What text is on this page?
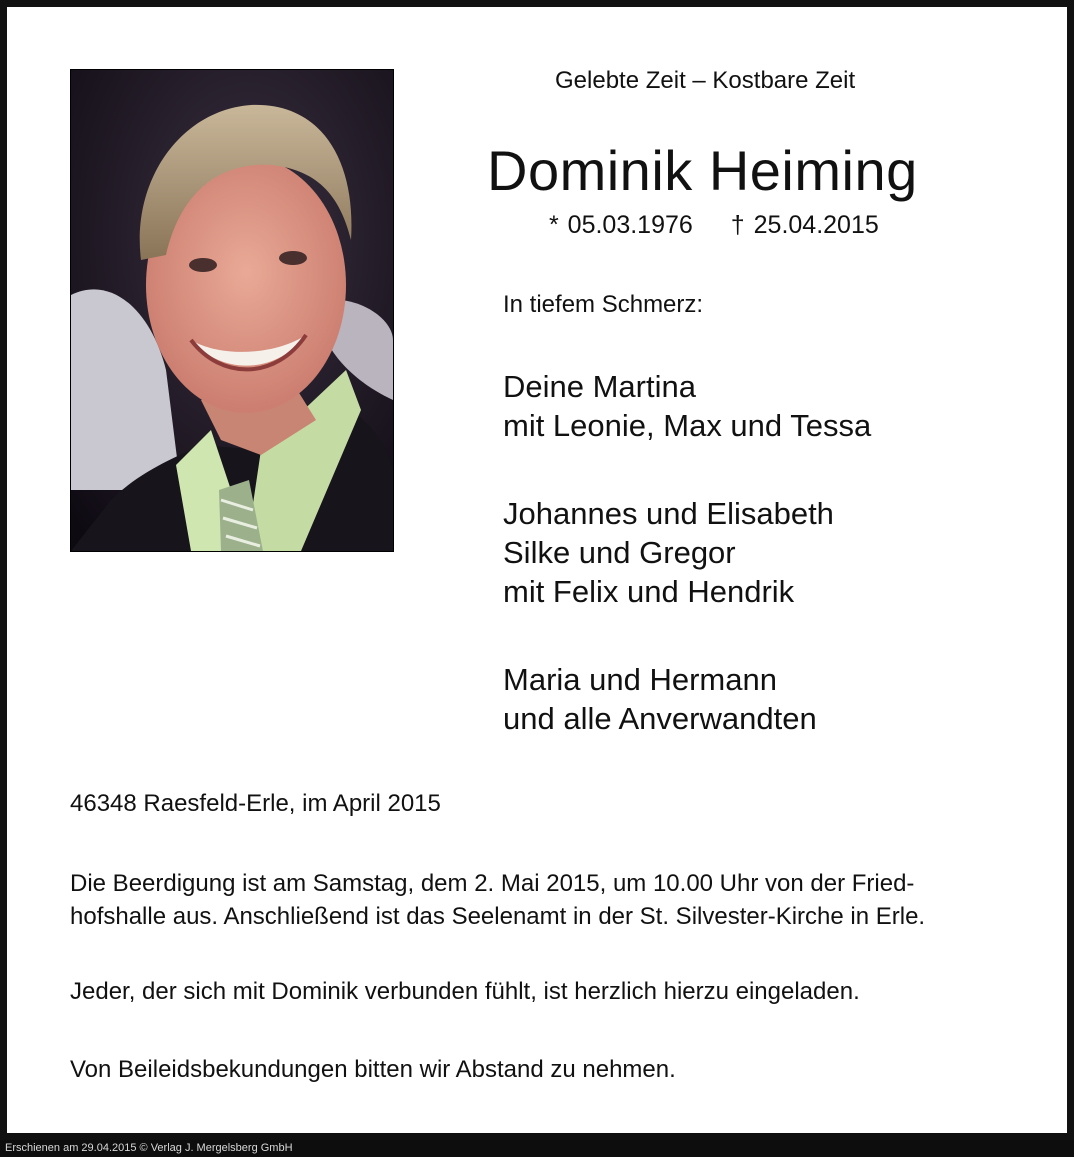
Gelebte Zeit – Kostbare Zeit
Dominik Heiming
* 05.03.1976 † 25.04.2015
In tiefem Schmerz:
Deine Martina
mit Leonie, Max und Tessa
Johannes und Elisabeth
Silke und Gregor
mit Felix und Hendrik
Maria und Hermann
und alle Anverwandten
46348 Raesfeld-Erle, im April 2015
Die Beerdigung ist am Samstag, dem 2. Mai 2015, um 10.00 Uhr von der Fried-
hofshalle aus. Anschließend ist das Seelenamt in der St. Silvester-Kirche in Erle.
Jeder, der sich mit Dominik verbunden fühlt, ist herzlich hierzu eingeladen.
Von Beileidsbekundungen bitten wir Abstand zu nehmen.
Erschienen am 29.04.2015 © Verlag J. Mergelsberg GmbH
